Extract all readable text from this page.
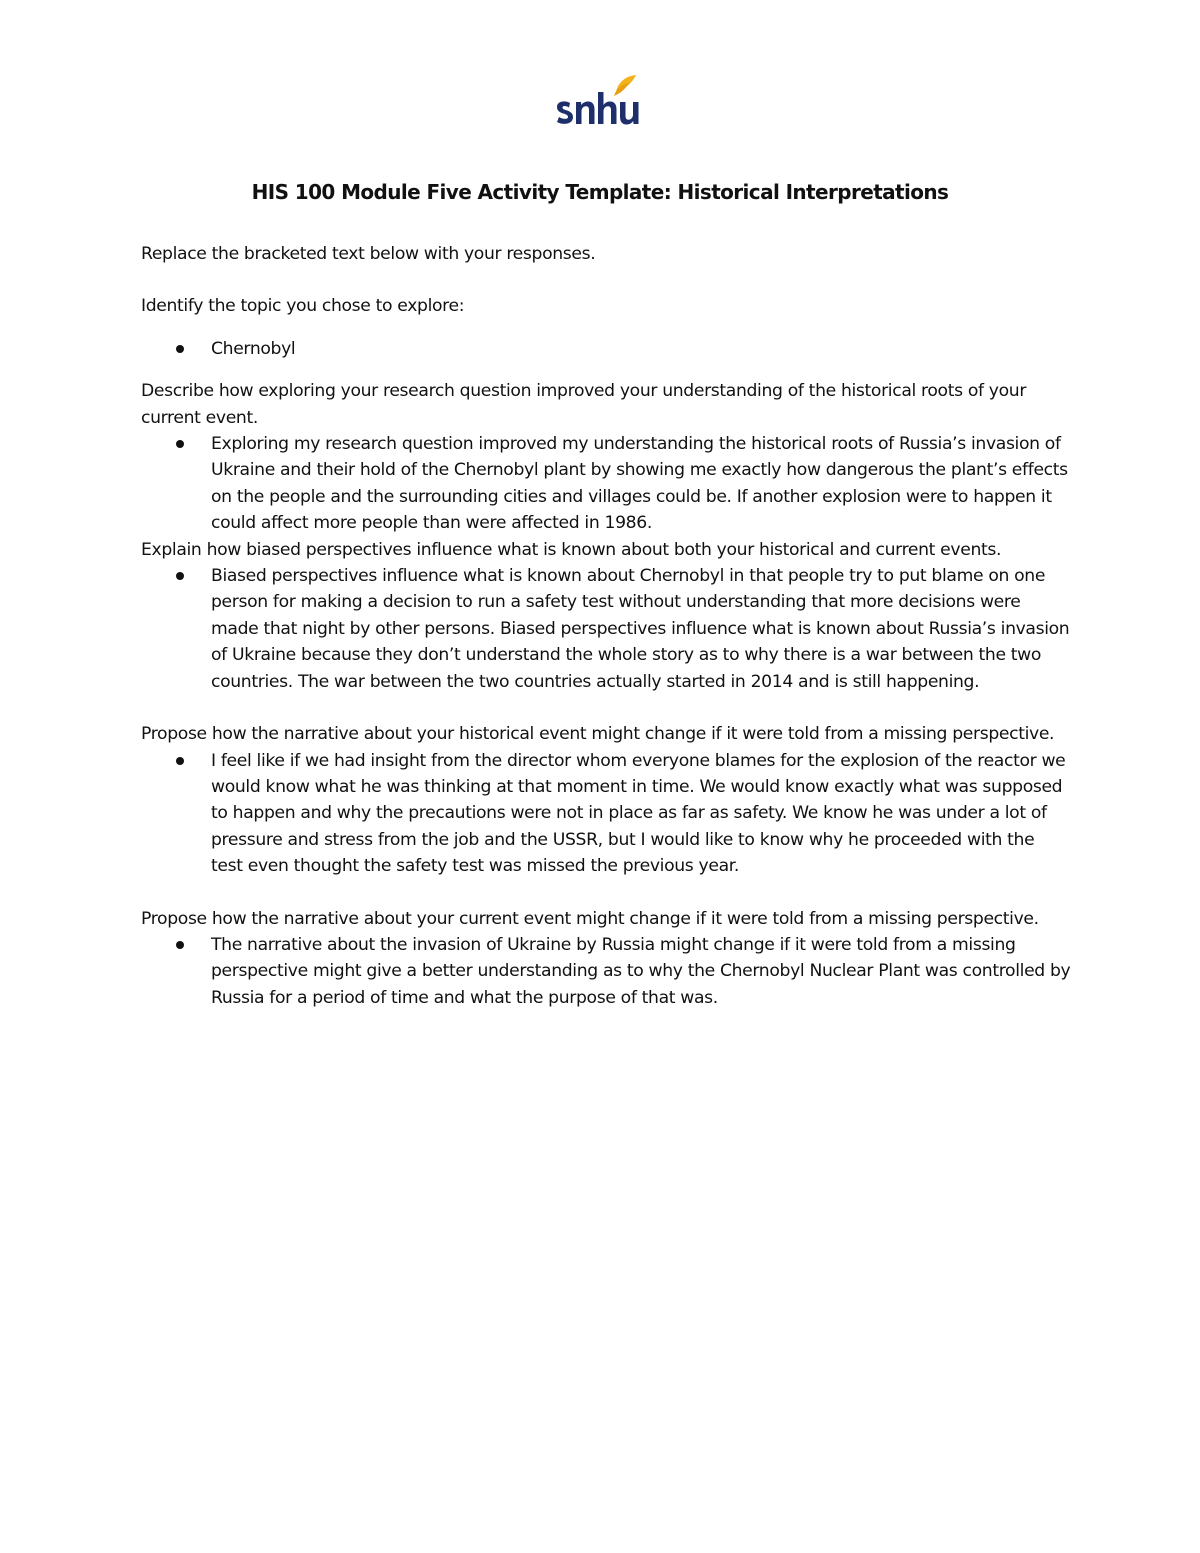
HIS 100 Module Five Activity Template: Historical Interpretations

Replace the bracketed text below with your responses.

Identify the topic you chose to explore:

Chernobyl

Describe how exploring your research question improved your understanding of the historical roots of your current event.

Exploring my research question improved my understanding the historical roots of Russia’s invasion of Ukraine and their hold of the Chernobyl plant by showing me exactly how dangerous the plant’s effects on the people and the surrounding cities and villages could be. If another explosion were to happen it could affect more people than were affected in 1986.

Explain how biased perspectives influence what is known about both your historical and current events.

Biased perspectives influence what is known about Chernobyl in that people try to put blame on one person for making a decision to run a safety test without understanding that more decisions were made that night by other persons. Biased perspectives influence what is known about Russia’s invasion of Ukraine because they don’t understand the whole story as to why there is a war between the two countries. The war between the two countries actually started in 2014 and is still happening.

Propose how the narrative about your historical event might change if it were told from a missing perspective.

I feel like if we had insight from the director whom everyone blames for the explosion of the reactor we would know what he was thinking at that moment in time. We would know exactly what was supposed to happen and why the precautions were not in place as far as safety. We know he was under a lot of pressure and stress from the job and the USSR, but I would like to know why he proceeded with the test even thought the safety test was missed the previous year.

Propose how the narrative about your current event might change if it were told from a missing perspective.

The narrative about the invasion of Ukraine by Russia might change if it were told from a missing perspective might give a better understanding as to why the Chernobyl Nuclear Plant was controlled by Russia for a period of time and what the purpose of that was.
